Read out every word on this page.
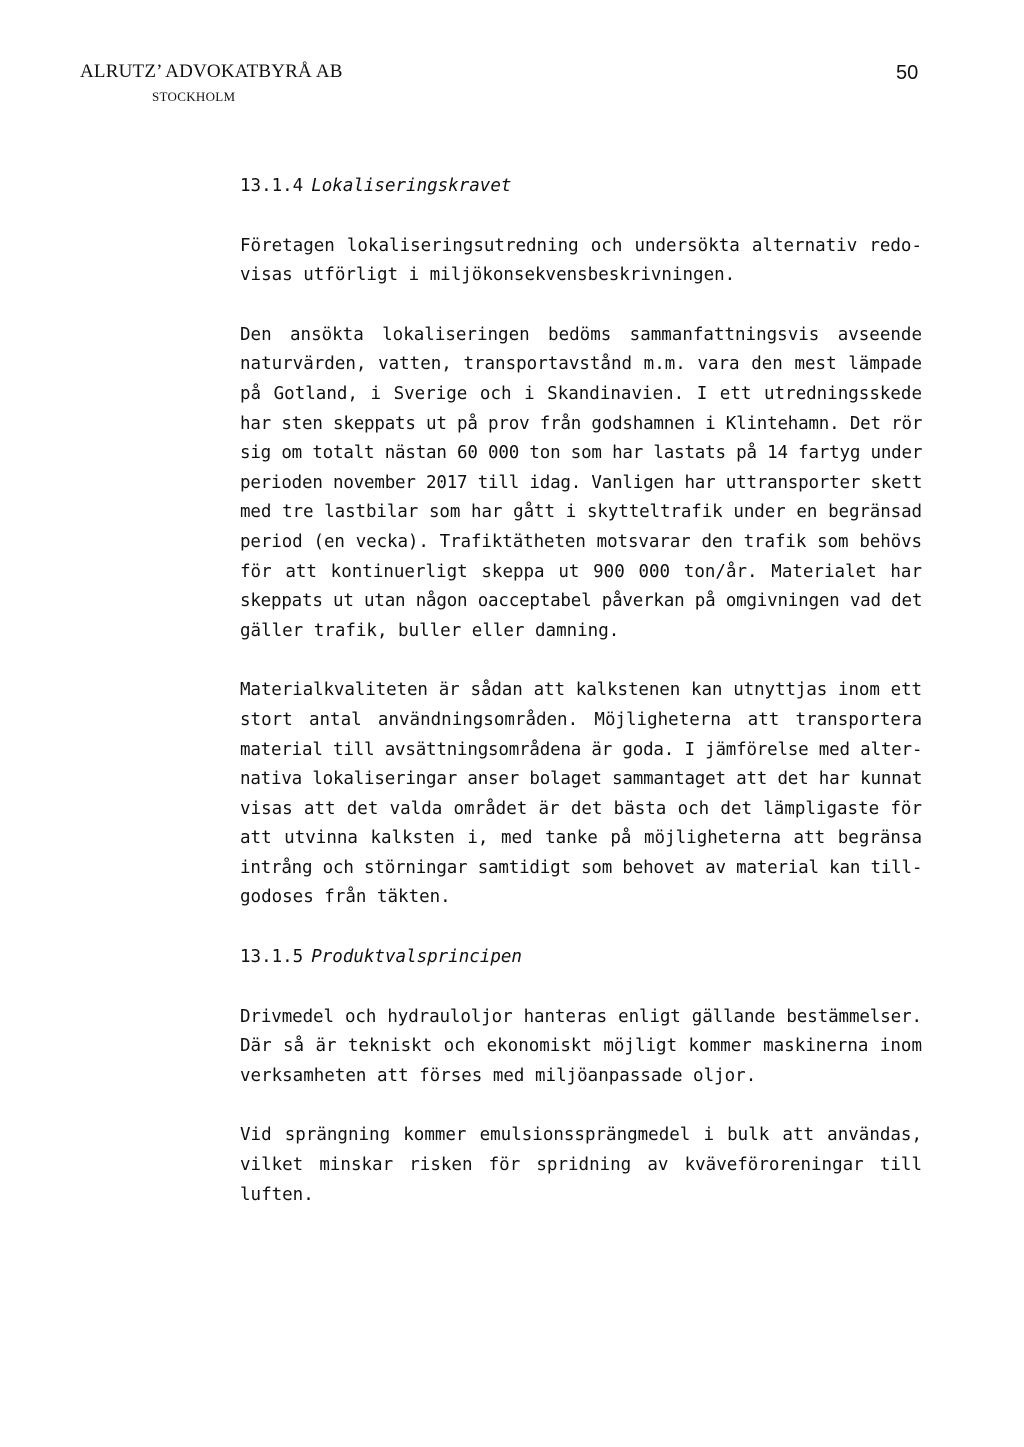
ALRUTZ’ ADVOKATBYRÅ AB
STOCKHOLM
50
13.1.4 Lokaliseringskravet
Företagen lokaliseringsutredning och undersökta alternativ redo-
visas utförligt i miljökonsekvensbeskrivningen.
Den ansökta lokaliseringen bedöms sammanfattningsvis avseende
naturvärden, vatten, transportavstånd m.m. vara den mest lämpade
på Gotland, i Sverige och i Skandinavien. I ett utredningsskede
har sten skeppats ut på prov från godshamnen i Klintehamn. Det rör
sig om totalt nästan 60 000 ton som har lastats på 14 fartyg under
perioden november 2017 till idag. Vanligen har uttransporter skett
med tre lastbilar som har gått i skytteltrafik under en begränsad
period (en vecka). Trafiktätheten motsvarar den trafik som behövs
för att kontinuerligt skeppa ut 900 000 ton/år. Materialet har
skeppats ut utan någon oacceptabel påverkan på omgivningen vad det
gäller trafik, buller eller damning.
Materialkvaliteten är sådan att kalkstenen kan utnyttjas inom ett
stort antal användningsområden. Möjligheterna att transportera
material till avsättningsområdena är goda. I jämförelse med alter-
nativa lokaliseringar anser bolaget sammantaget att det har kunnat
visas att det valda området är det bästa och det lämpligaste för
att utvinna kalksten i, med tanke på möjligheterna att begränsa
intrång och störningar samtidigt som behovet av material kan till-
godoses från täkten.
13.1.5 Produktvalsprincipen
Drivmedel och hydrauloljor hanteras enligt gällande bestämmelser.
Där så är tekniskt och ekonomiskt möjligt kommer maskinerna inom
verksamheten att förses med miljöanpassade oljor.
Vid sprängning kommer emulsionssprängmedel i bulk att användas,
vilket minskar risken för spridning av kväveföroreningar till
luften.
